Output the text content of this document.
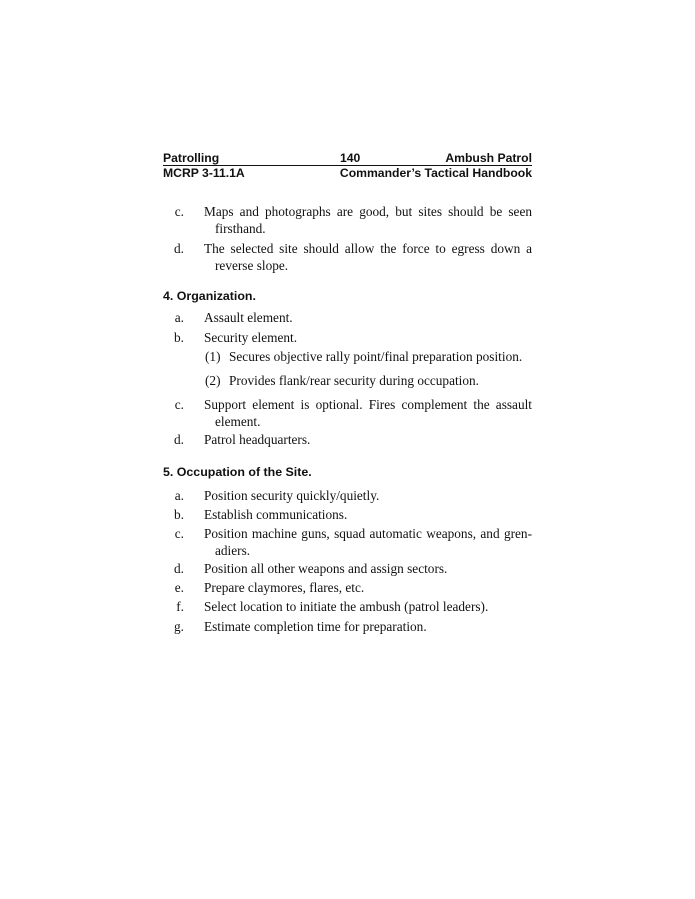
Patrolling	140	Ambush Patrol
MCRP 3-11.1A	Commander’s Tactical Handbook
c.	Maps and photographs are good, but sites should be seen firsthand.
d.	The selected site should allow the force to egress down a reverse slope.
4. Organization.
a.	Assault element.
b.	Security element.
(1) Secures objective rally point/final preparation position.
(2) Provides flank/rear security during occupation.
c.	Support element is optional. Fires complement the assault element.
d.	Patrol headquarters.
5. Occupation of the Site.
a.	Position security quickly/quietly.
b.	Establish communications.
c.	Position machine guns, squad automatic weapons, and gren-adiers.
d.	Position all other weapons and assign sectors.
e.	Prepare claymores, flares, etc.
f.	Select location to initiate the ambush (patrol leaders).
g.	Estimate completion time for preparation.
